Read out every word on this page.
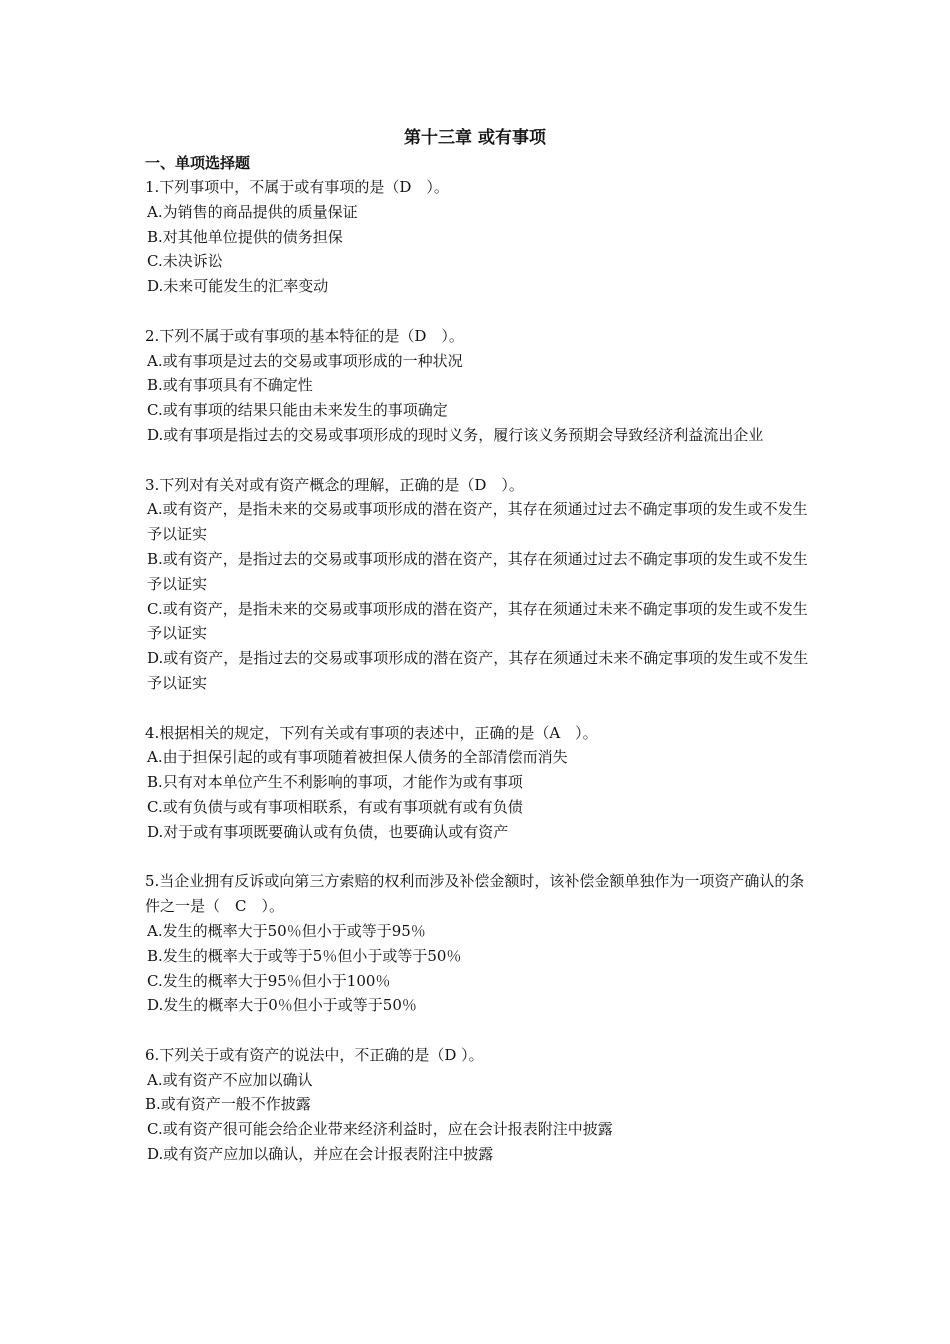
第十三章 或有事项
一、单项选择题

1.下列事项中，不属于或有事项的是（D　）。

A.为销售的商品提供的质量保证

B.对其他单位提供的债务担保

C.未决诉讼

D.未来可能发生的汇率变动

2.下列不属于或有事项的基本特征的是（D　）。

A.或有事项是过去的交易或事项形成的一种状况

B.或有事项具有不确定性

C.或有事项的结果只能由未来发生的事项确定

D.或有事项是指过去的交易或事项形成的现时义务，履行该义务预期会导致经济利益流出企业

3.下列对有关对或有资产概念的理解，正确的是（D　）。

A.或有资产，是指未来的交易或事项形成的潜在资产，其存在须通过过去不确定事项的发生或不发生予以证实

B.或有资产，是指过去的交易或事项形成的潜在资产，其存在须通过过去不确定事项的发生或不发生予以证实

C.或有资产，是指未来的交易或事项形成的潜在资产，其存在须通过未来不确定事项的发生或不发生予以证实

D.或有资产，是指过去的交易或事项形成的潜在资产，其存在须通过未来不确定事项的发生或不发生予以证实

4.根据相关的规定，下列有关或有事项的表述中，正确的是（A　）。

A.由于担保引起的或有事项随着被担保人债务的全部清偿而消失

B.只有对本单位产生不利影响的事项，才能作为或有事项

C.或有负债与或有事项相联系，有或有事项就有或有负债

D.对于或有事项既要确认或有负债，也要确认或有资产

5.当企业拥有反诉或向第三方索赔的权利而涉及补偿金额时，该补偿金额单独作为一项资产确认的条件之一是（　C　）。

A.发生的概率大于50％但小于或等于95％

B.发生的概率大于或等于5％但小于或等于50％

C.发生的概率大于95％但小于100％

D.发生的概率大于0％但小于或等于50％

6.下列关于或有资产的说法中，不正确的是（D ）。

A.或有资产不应加以确认

B.或有资产一般不作披露

C.或有资产很可能会给企业带来经济利益时，应在会计报表附注中披露

D.或有资产应加以确认，并应在会计报表附注中披露
